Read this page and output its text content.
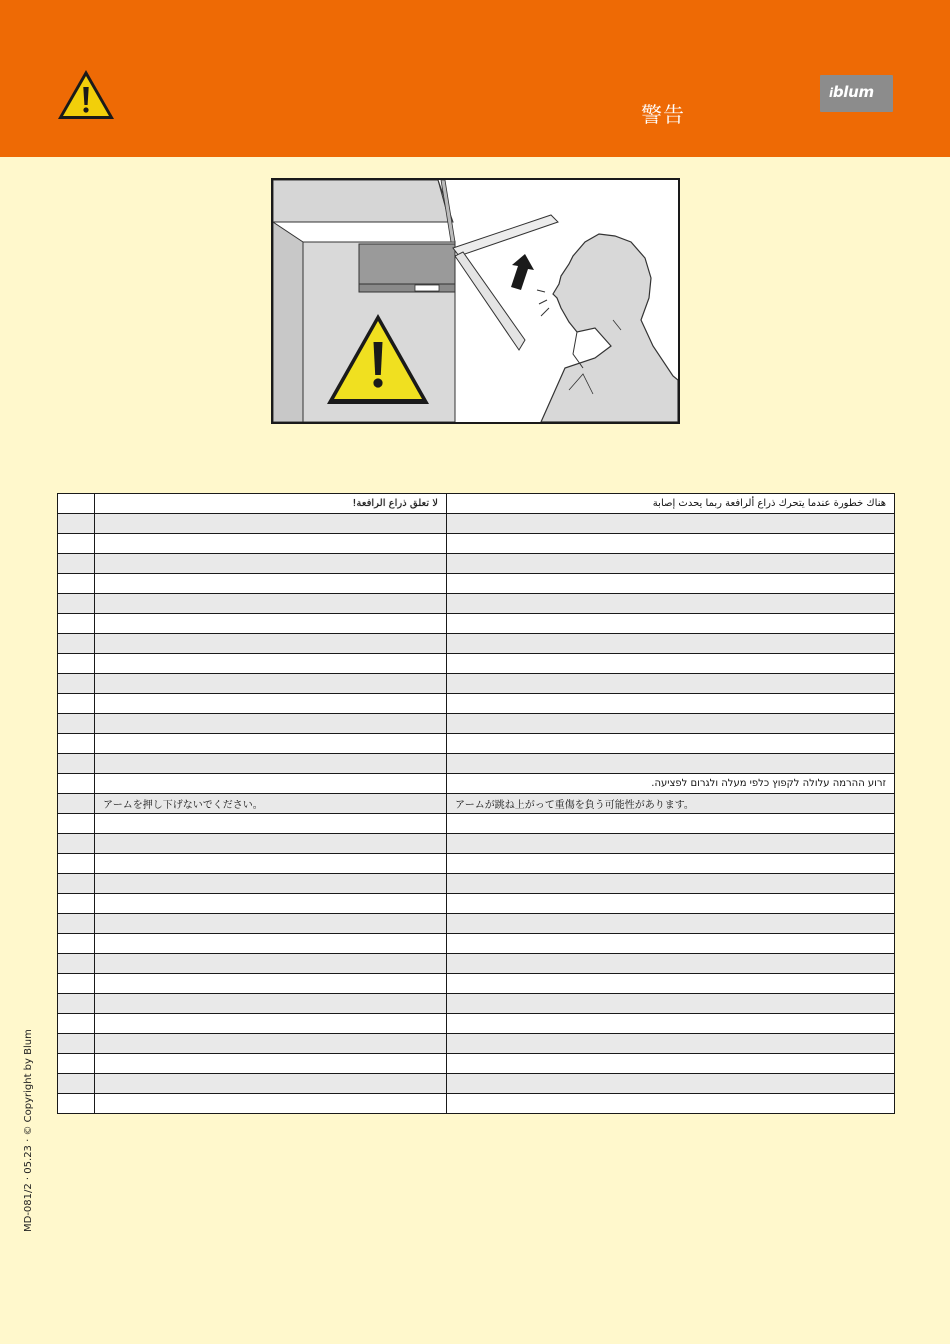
警告
iblum
	لا تعلق ذراع الرافعة!	هناك خطورة عندما يتحرك ذراع ألرافعة ربما يحدث إصابة

		זרוע ההרמה עלולה לקפוץ כלפי מעלה ולגרום לפציעה.
	アームを押し下げないでください。	アームが跳ね上がって重傷を負う可能性があります。

MD-081/2 · 05.23 · © Copyright by Blum
